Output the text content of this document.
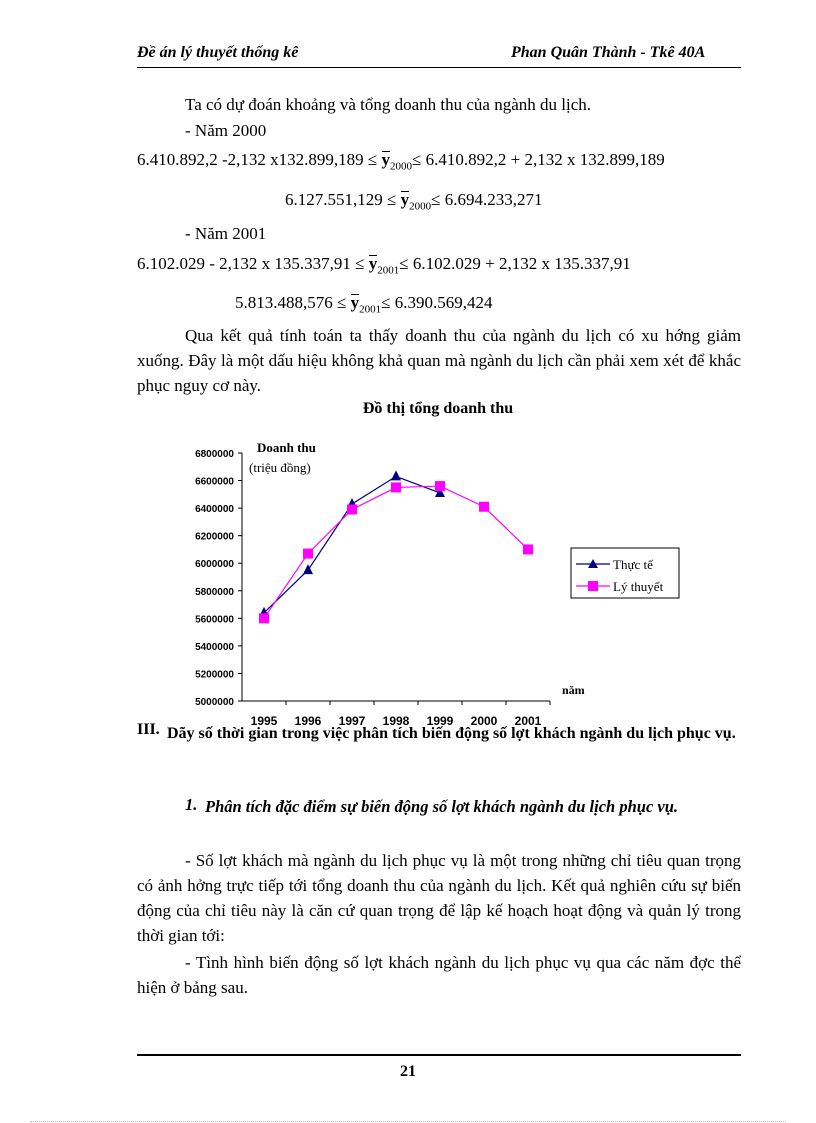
Đề án lý thuyết thống kê	Phan Quân Thành - Tkê 40A
Ta có dự đoán khoảng và tổng doanh thu của ngành du lịch.
- Năm 2000
6.410.892,2 -2,132 $x132.899,189 \le y_{2000}\le 6.410.892,2 + 2,132$ x 132.899,189
$6.127.551,129 \le y_{2000}\le 6.694.233,271$
- Năm 2001
6.102.029 - 2,132 x $135.337,91 \le y_{2001}\le 6.102.029 + 2,132$ x 135.337,91
$5.813.488,576 \le y_{2001}\le 6.390.569,424$
Qua kết quả tính toán ta thấy doanh thu của ngành du lịch có xu hớng giảm xuống. Đây là một dấu hiệu không khả quan mà ngành du lịch cần phải xem xét để khắc phục nguy cơ này.
Đồ thị tổng doanh thu
5000000
5200000
5400000
5600000
5800000
6000000
6200000
6400000
6600000
6800000
1995 1996 1997 1998 1999 2000 2001
Doanh thu
(triệu đồng)
năm
Thực tế
Lý thuyết
III. Dãy số thời gian trong việc phân tích biến động số lợt khách ngành du lịch phục vụ.
1. Phân tích đặc điểm sự biến động số lợt khách ngành du lịch phục vụ.
- Số lợt khách mà ngành du lịch phục vụ là một trong những chỉ tiêu quan trọng có ảnh hởng trực tiếp tới tổng doanh thu của ngành du lịch. Kết quả nghiên cứu sự biến động của chỉ tiêu này là căn cứ quan trọng để lập kế hoạch hoạt động và quản lý trong thời gian tới:
- Tình hình biến động số lợt khách ngành du lịch phục vụ qua các năm đợc thể hiện ở bảng sau.
21
